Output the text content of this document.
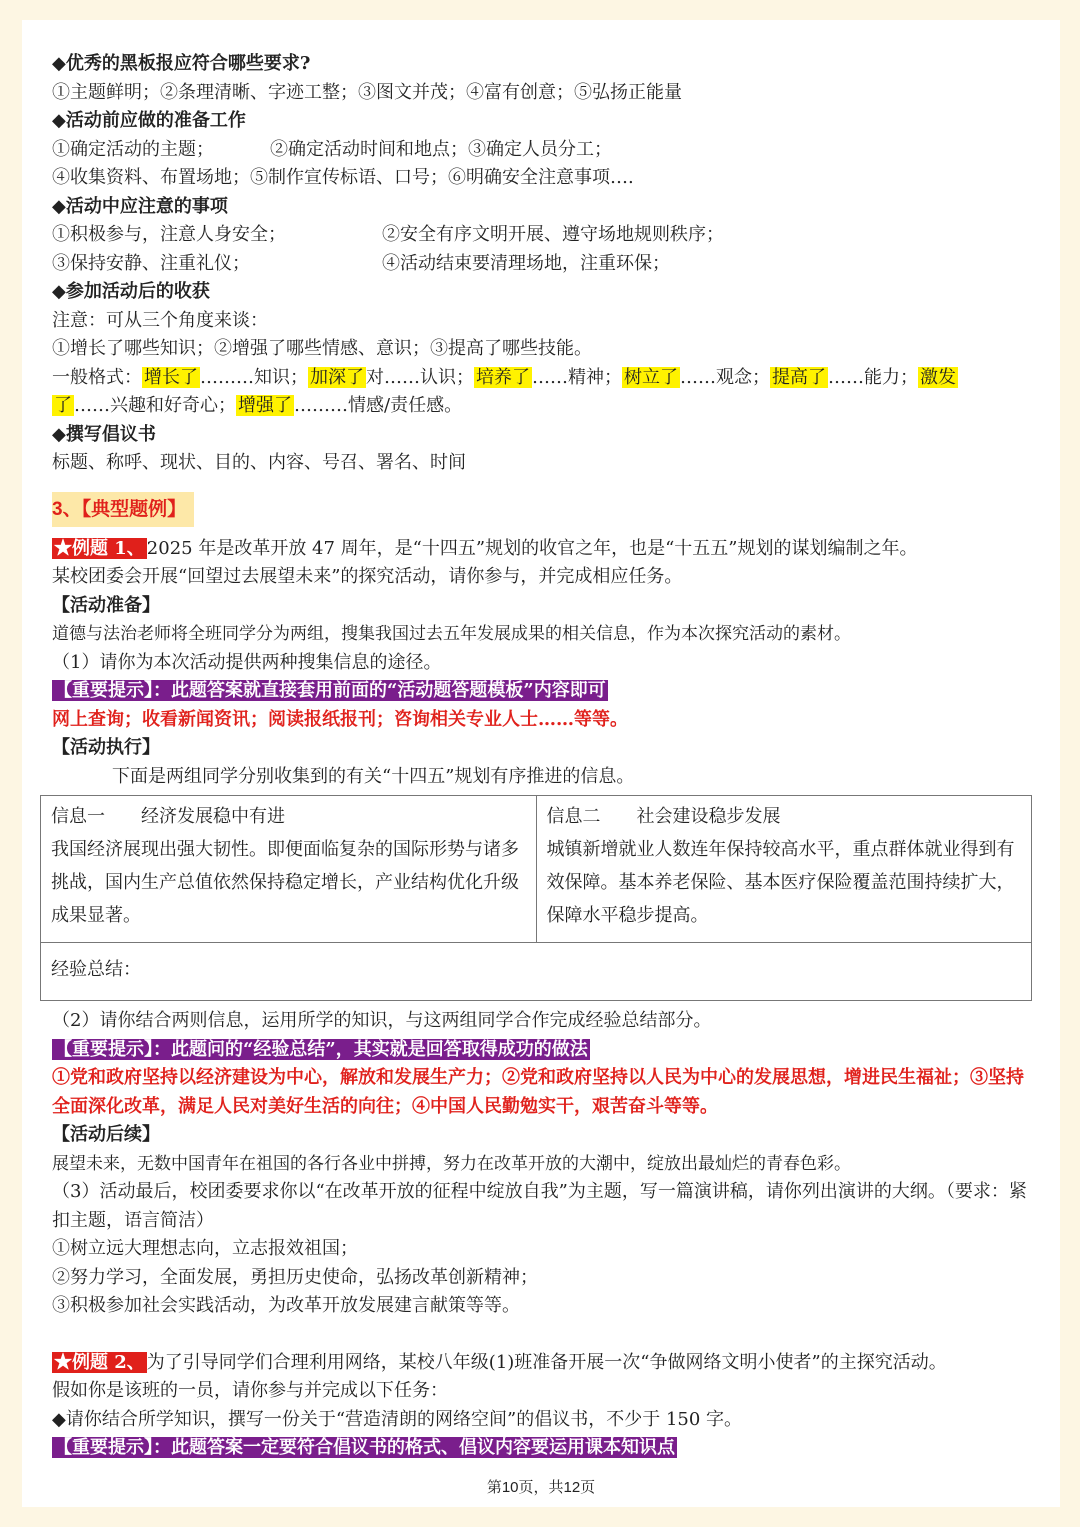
◆优秀的黑板报应符合哪些要求?
①主题鲜明；②条理清晰、字迹工整；③图文并茂；④富有创意；⑤弘扬正能量
◆活动前应做的准备工作
①确定活动的主题；	②确定活动时间和地点；③确定人员分工；
④收集资料、布置场地；⑤制作宣传标语、口号；⑥明确安全注意事项….
◆活动中应注意的事项
①积极参与，注意人身安全；	②安全有序文明开展、遵守场地规则秩序；
③保持安静、注重礼仪；	④活动结束要清理场地，注重环保；
◆参加活动后的收获
注意：可从三个角度来谈：
①增长了哪些知识；②增强了哪些情感、意识；③提高了哪些技能。
一般格式： 增长了 ………知识； 加深了 对……认识； 培养了 ……精神； 树立了 ……观念； 提高了 ……能力； 激发
了 ……兴趣和好奇心； 增强了 ………情感/责任感。
◆撰写倡议书
标题、称呼、现状、目的、内容、号召、署名、时间
3、【典型题例】
★例题 1、 2025 年是改革开放 47 周年，是“十四五”规划的收官之年，也是“十五五”规划的谋划编制之年。
某校团委会开展“回望过去展望未来”的探究活动，请你参与，并完成相应任务。
【活动准备】
道德与法治老师将全班同学分为两组，搜集我国过去五年发展成果的相关信息，作为本次探究活动的素材。
（1）请你为本次活动提供两种搜集信息的途径。
【重要提示】：此题答案就直接套用前面的“活动题答题模板”内容即可
网上查询；收看新闻资讯；阅读报纸报刊；咨询相关专业人士……等等。
【活动执行】
下面是两组同学分别收集到的有关“十四五”规划有序推进的信息。
信息一　　经济发展稳中有进
我国经济展现出强大韧性。即便面临复杂的国际形势与诸多挑战，国内生产总值依然保持稳定增长，产业结构优化升级成果显著。

信息二　　社会建设稳步发展
城镇新增就业人数连年保持较高水平，重点群体就业得到有效保障。基本养老保险、基本医疗保险覆盖范围持续扩大，保障水平稳步提高。

经验总结：
（2）请你结合两则信息，运用所学的知识，与这两组同学合作完成经验总结部分。
【重要提示】：此题问的“经验总结”，其实就是回答取得成功的做法
①党和政府坚持以经济建设为中心，解放和发展生产力；②党和政府坚持以人民为中心的发展思想，增进民生福祉；③坚持全面深化改革，满足人民对美好生活的向往；④中国人民勤勉实干，艰苦奋斗等等。
【活动后续】
展望未来，无数中国青年在祖国的各行各业中拼搏，努力在改革开放的大潮中，绽放出最灿烂的青春色彩。
（3）活动最后，校团委要求你以“在改革开放的征程中绽放自我”为主题，写一篇演讲稿，请你列出演讲的大纲。（要求：紧扣主题，语言简洁）
①树立远大理想志向，立志报效祖国；
②努力学习，全面发展，勇担历史使命，弘扬改革创新精神；
③积极参加社会实践活动，为改革开放发展建言献策等等。
★例题 2、 为了引导同学们合理利用网络，某校八年级(1)班准备开展一次“争做网络文明小使者”的主探究活动。
假如你是该班的一员，请你参与并完成以下任务：
◆请你结合所学知识，撰写一份关于“营造清朗的网络空间”的倡议书，不少于 150 字。
【重要提示】：此题答案一定要符合倡议书的格式、倡议内容要运用课本知识点
第10页，共12页
